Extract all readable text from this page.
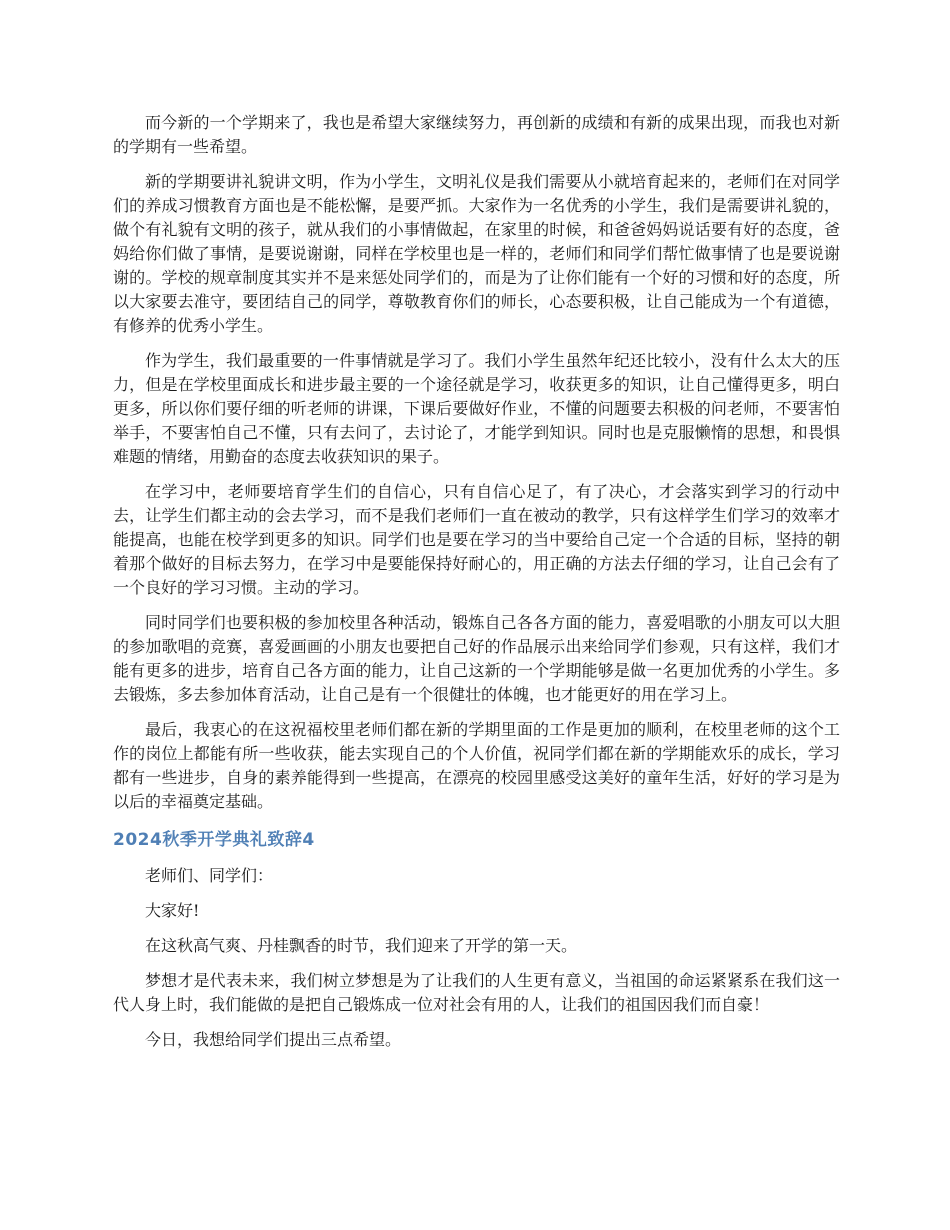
而今新的一个学期来了，我也是希望大家继续努力，再创新的成绩和有新的成果出现，而我也对新的学期有一些希望。

新的学期要讲礼貌讲文明，作为小学生，文明礼仪是我们需要从小就培育起来的，老师们在对同学们的养成习惯教育方面也是不能松懈，是要严抓。大家作为一名优秀的小学生，我们是需要讲礼貌的，做个有礼貌有文明的孩子，就从我们的小事情做起，在家里的时候，和爸爸妈妈说话要有好的态度，爸妈给你们做了事情，是要说谢谢，同样在学校里也是一样的，老师们和同学们帮忙做事情了也是要说谢谢的。学校的规章制度其实并不是来惩处同学们的，而是为了让你们能有一个好的习惯和好的态度，所以大家要去准守，要团结自己的同学，尊敬教育你们的师长，心态要积极，让自己能成为一个有道德，有修养的优秀小学生。

作为学生，我们最重要的一件事情就是学习了。我们小学生虽然年纪还比较小，没有什么太大的压力，但是在学校里面成长和进步最主要的一个途径就是学习，收获更多的知识，让自己懂得更多，明白更多，所以你们要仔细的听老师的讲课，下课后要做好作业，不懂的问题要去积极的问老师，不要害怕举手，不要害怕自己不懂，只有去问了，去讨论了，才能学到知识。同时也是克服懒惰的思想，和畏惧难题的情绪，用勤奋的态度去收获知识的果子。

在学习中，老师要培育学生们的自信心，只有自信心足了，有了决心，才会落实到学习的行动中去，让学生们都主动的会去学习，而不是我们老师们一直在被动的教学，只有这样学生们学习的效率才能提高，也能在校学到更多的知识。同学们也是要在学习的当中要给自己定一个合适的目标，坚持的朝着那个做好的目标去努力，在学习中是要能保持好耐心的，用正确的方法去仔细的学习，让自己会有了一个良好的学习习惯。主动的学习。

同时同学们也要积极的参加校里各种活动，锻炼自己各各方面的能力，喜爱唱歌的小朋友可以大胆的参加歌唱的竞赛，喜爱画画的小朋友也要把自己好的作品展示出来给同学们参观，只有这样，我们才能有更多的进步，培育自己各方面的能力，让自己这新的一个学期能够是做一名更加优秀的小学生。多去锻炼，多去参加体育活动，让自己是有一个很健壮的体魄，也才能更好的用在学习上。

最后，我衷心的在这祝福校里老师们都在新的学期里面的工作是更加的顺利，在校里老师的这个工作的岗位上都能有所一些收获，能去实现自己的个人价值，祝同学们都在新的学期能欢乐的成长，学习都有一些进步，自身的素养能得到一些提高，在漂亮的校园里感受这美好的童年生活，好好的学习是为以后的幸福奠定基础。

2024秋季开学典礼致辞4

老师们、同学们：

大家好!

在这秋高气爽、丹桂飘香的时节，我们迎来了开学的第一天。

梦想才是代表未来，我们树立梦想是为了让我们的人生更有意义，当祖国的命运紧紧系在我们这一代人身上时，我们能做的是把自己锻炼成一位对社会有用的人，让我们的祖国因我们而自豪！

今日，我想给同学们提出三点希望。
